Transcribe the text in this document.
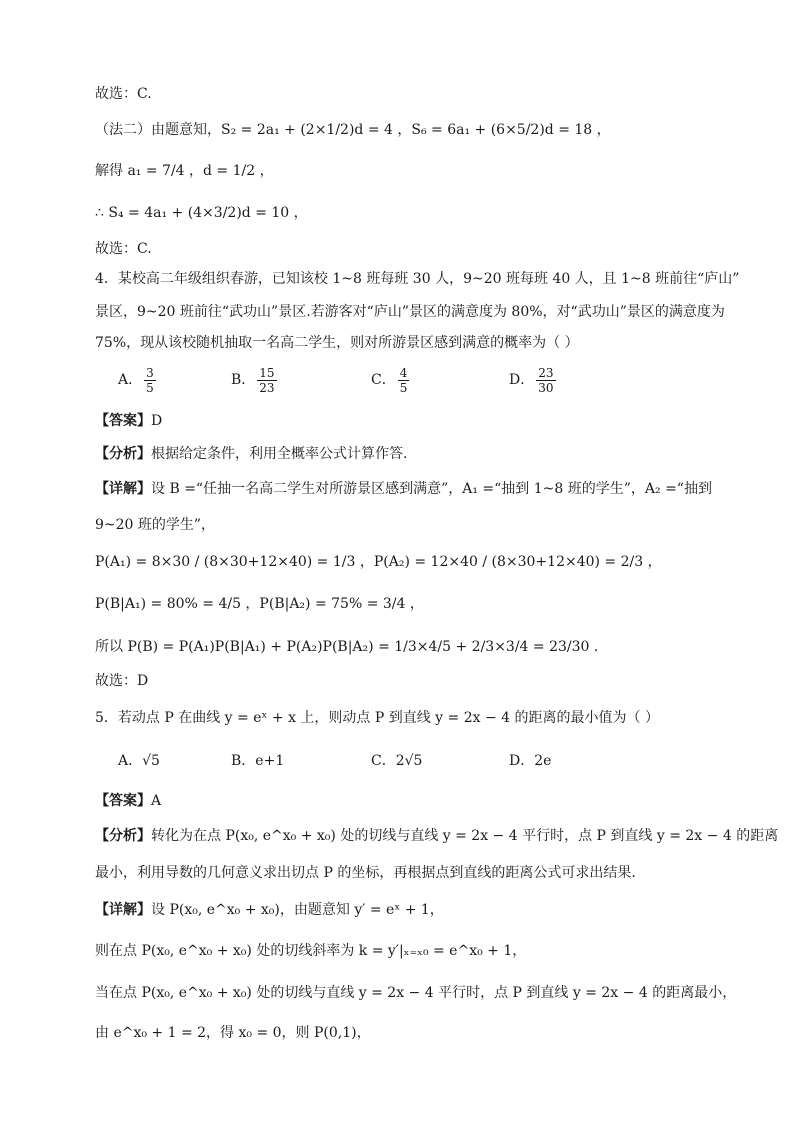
故选：C.
（法二）由题意知，S₂ = 2a₁ + (2×1/2)d = 4 ，S₆ = 6a₁ + (6×5/2)d = 18 ，
解得 a₁ = 7/4 ，d = 1/2 ，
∴ S₄ = 4a₁ + (4×3/2)d = 10 ，
故选：C.
4．某校高二年级组织春游，已知该校 1~8 班每班 30 人，9~20 班每班 40 人，且 1~8 班前往“庐山”
景区，9~20 班前往“武功山”景区.若游客对“庐山”景区的满意度为 80%，对“武功山”景区的满意度为
75%，现从该校随机抽取一名高二学生，则对所游景区感到满意的概率为（ ）
A． $\frac{3}{5}$	B． $\frac{15}{23}$	C． $\frac{4}{5}$	D． $\frac{23}{30}$
【答案】D
【分析】根据给定条件，利用全概率公式计算作答.
【详解】设 B =“任抽一名高二学生对所游景区感到满意”，A₁ =“抽到 1~8 班的学生”，A₂ =“抽到
9~20 班的学生”，
P(A₁) = 8×30 / (8×30+12×40) = 1/3 ，P(A₂) = 12×40 / (8×30+12×40) = 2/3 ，
P(B|A₁) = 80% = 4/5 ，P(B|A₂) = 75% = 3/4 ，
所以 P(B) = P(A₁)P(B|A₁) + P(A₂)P(B|A₂) = 1/3×4/5 + 2/3×3/4 = 23/30 .
故选：D
5．若动点 P 在曲线 y = eˣ + x 上，则动点 P 到直线 y = 2x − 4 的距离的最小值为（ ）
A． √5	B． e+1	C． 2√5	D． 2e
【答案】A
【分析】转化为在点 P(x₀, e^x₀ + x₀) 处的切线与直线 y = 2x − 4 平行时，点 P 到直线 y = 2x − 4 的距离
最小，利用导数的几何意义求出切点 P 的坐标，再根据点到直线的距离公式可求出结果.
【详解】设 P(x₀, e^x₀ + x₀)，由题意知 y′ = eˣ + 1，
则在点 P(x₀, e^x₀ + x₀) 处的切线斜率为 k = y′|ₓ₌ₓ₀ = e^x₀ + 1，
当在点 P(x₀, e^x₀ + x₀) 处的切线与直线 y = 2x − 4 平行时，点 P 到直线 y = 2x − 4 的距离最小，
由 e^x₀ + 1 = 2，得 x₀ = 0，则 P(0,1)，
